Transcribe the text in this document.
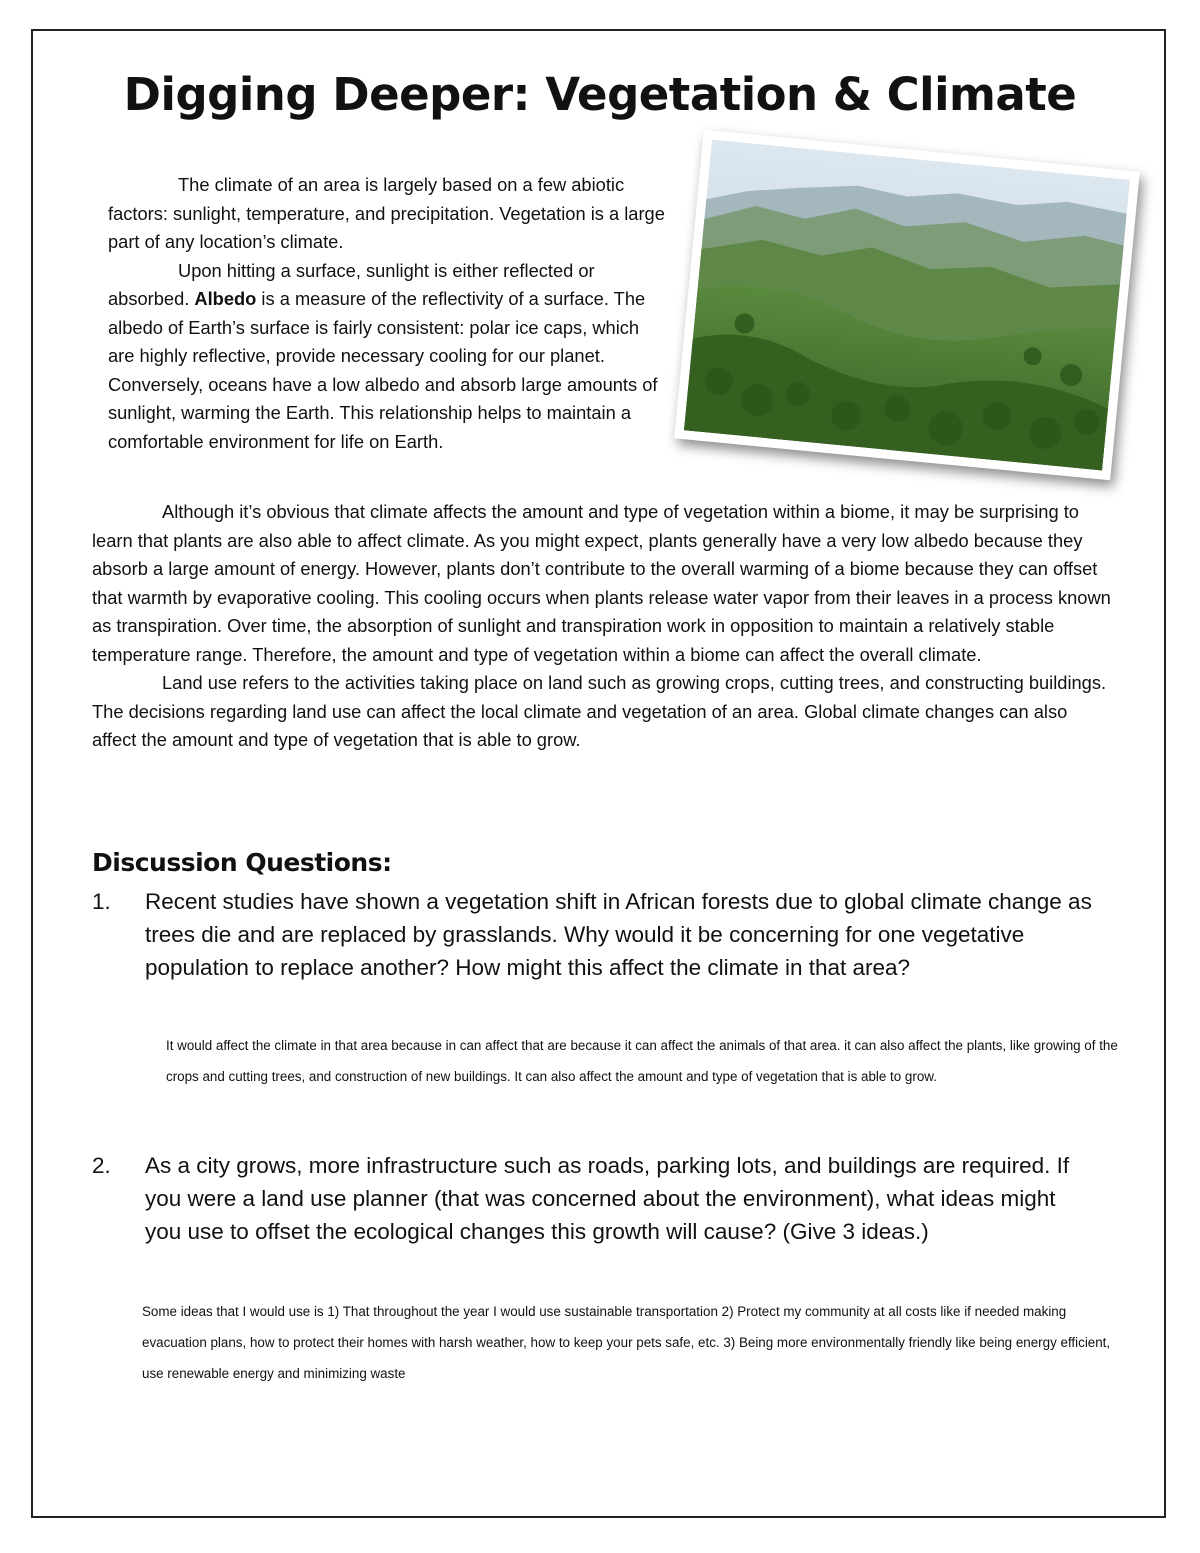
Digging Deeper: Vegetation & Climate

The climate of an area is largely based on a few abiotic factors: sunlight, temperature, and precipitation. Vegetation is a large part of any location’s climate.

Upon hitting a surface, sunlight is either reflected or absorbed. Albedo is a measure of the reflectivity of a surface. The albedo of Earth’s surface is fairly consistent: polar ice caps, which are highly reflective, provide necessary cooling for our planet. Conversely, oceans have a low albedo and absorb large amounts of sunlight, warming the Earth. This relationship helps to maintain a comfortable environment for life on Earth.

Although it’s obvious that climate affects the amount and type of vegetation within a biome, it may be surprising to learn that plants are also able to affect climate. As you might expect, plants generally have a very low albedo because they absorb a large amount of energy. However, plants don’t contribute to the overall warming of a biome because they can offset that warmth by evaporative cooling. This cooling occurs when plants release water vapor from their leaves in a process known as transpiration. Over time, the absorption of sunlight and transpiration work in opposition to maintain a relatively stable temperature range. Therefore, the amount and type of vegetation within a biome can affect the overall climate.

Land use refers to the activities taking place on land such as growing crops, cutting trees, and constructing buildings. The decisions regarding land use can affect the local climate and vegetation of an area. Global climate changes can also affect the amount and type of vegetation that is able to grow.

Discussion Questions:
1. Recent studies have shown a vegetation shift in African forests due to global climate change as trees die and are replaced by grasslands. Why would it be concerning for one vegetative population to replace another? How might this affect the climate in that area?
It would affect the climate in that area because in can affect that are because it can affect the animals of that area. it can also affect the plants, like growing of the crops and cutting trees, and construction of new buildings. It can also affect the amount and type of vegetation that is able to grow.
2. As a city grows, more infrastructure such as roads, parking lots, and buildings are required. If you were a land use planner (that was concerned about the environment), what ideas might you use to offset the ecological changes this growth will cause? (Give 3 ideas.)
Some ideas that I would use is 1) That throughout the year I would use sustainable transportation 2) Protect my community at all costs like if needed making evacuation plans, how to protect their homes with harsh weather, how to keep your pets safe, etc. 3) Being more environmentally friendly like being energy efficient, use renewable energy and minimizing waste
